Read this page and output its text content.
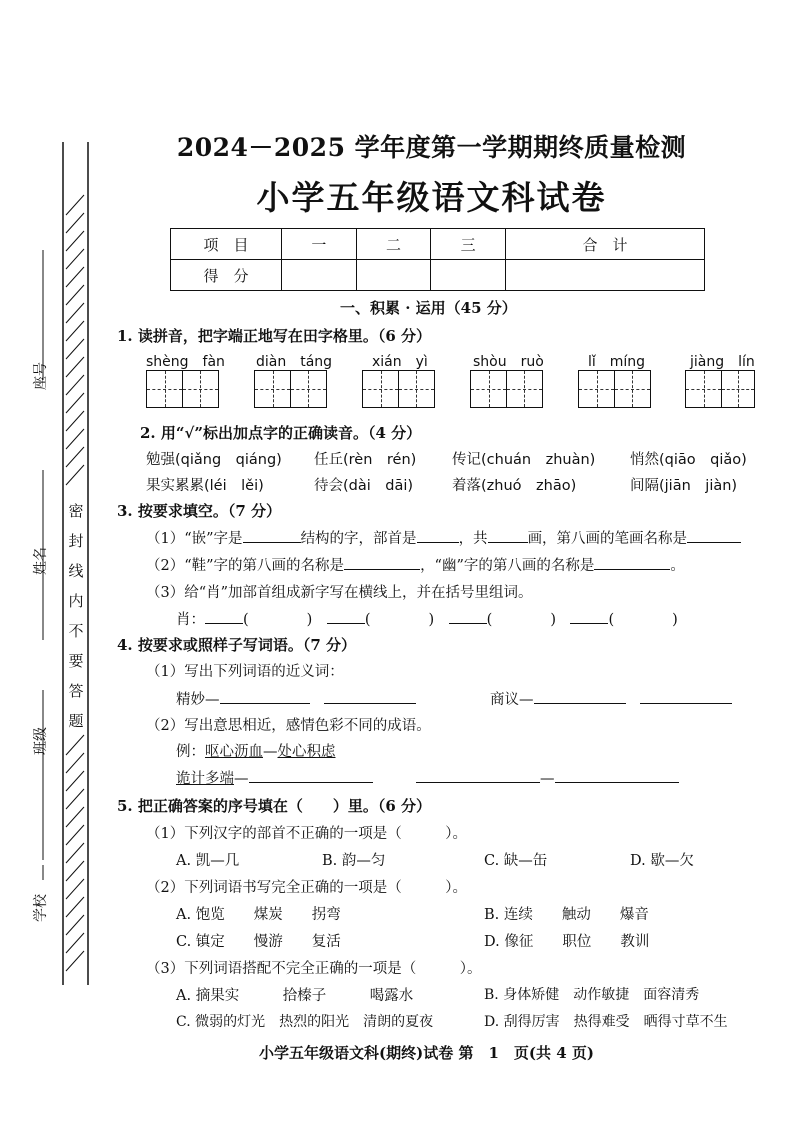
密
封
线
内
不
要
答
题
座号
姓名
班级
学校
2024－2025 学年度第一学期期终质量检测
小学五年级语文科试卷
项　目	一	二	三	合　计
得　分				
一、积累 · 运用（45 分）
1. 读拼音，把字端正地写在田字格里。（6 分）
shèng　fàn diàn　táng	xián　yì	shòu　ruò	lǐ　míng	jiàng　lín
2. 用“√”标出加点字的正确读音。（4 分）
勉强(qiǎng　qiáng) 任丘(rèn　rén) 传记(chuán　zhuàn) 悄然(qiāo　qiǎo)
果实累累(léi　lěi)	待会(dài　dāi)	着落(zhuó　zhāo)	间隔(jiān　jiàn)
3. 按要求填空。（7 分）
（1）“嵌”字是	结构的字，部首是	，共	画，第八画的笔画名称是
（2）“鞋”字的第八画的名称是	，“幽”字的第八画的名称是	。
（3）给“肖”加部首组成新字写在横线上，并在括号里组词。
肖：	(　　　　) 	(　　　　) 	(　　　　) 	(　　　　)
4. 按要求或照样子写词语。（7 分）
（1）写出下列词语的近义词：
精妙—　	商议—　
（2）写出意思相近，感情色彩不同的成语。
例：呕心沥血—处心积虑
诡计多端—　　　	—
5. 把正确答案的序号填在（　　）里。（6 分）
（1）下列汉字的部首不正确的一项是（　　　）。
A. 凯—几	B. 韵—匀	C. 缺—缶	D. 歇—欠
（2）下列词语书写完全正确的一项是（　　　）。
A. 饱览　　煤炭　　拐弯	B. 连续　　触动　　爆音
C. 镇定　　慢游　　复活	D. 像征　　职位　　教训
（3）下列词语搭配不完全正确的一项是（　　　）。
A. 摘果实　　　拾榛子　　　喝露水	B. 身体矫健　动作敏捷　面容清秀
C. 微弱的灯光　热烈的阳光　清朗的夏夜	D. 刮得厉害　热得难受　晒得寸草不生
小学五年级语文科(期终)试卷 第　1　页(共 4 页)
